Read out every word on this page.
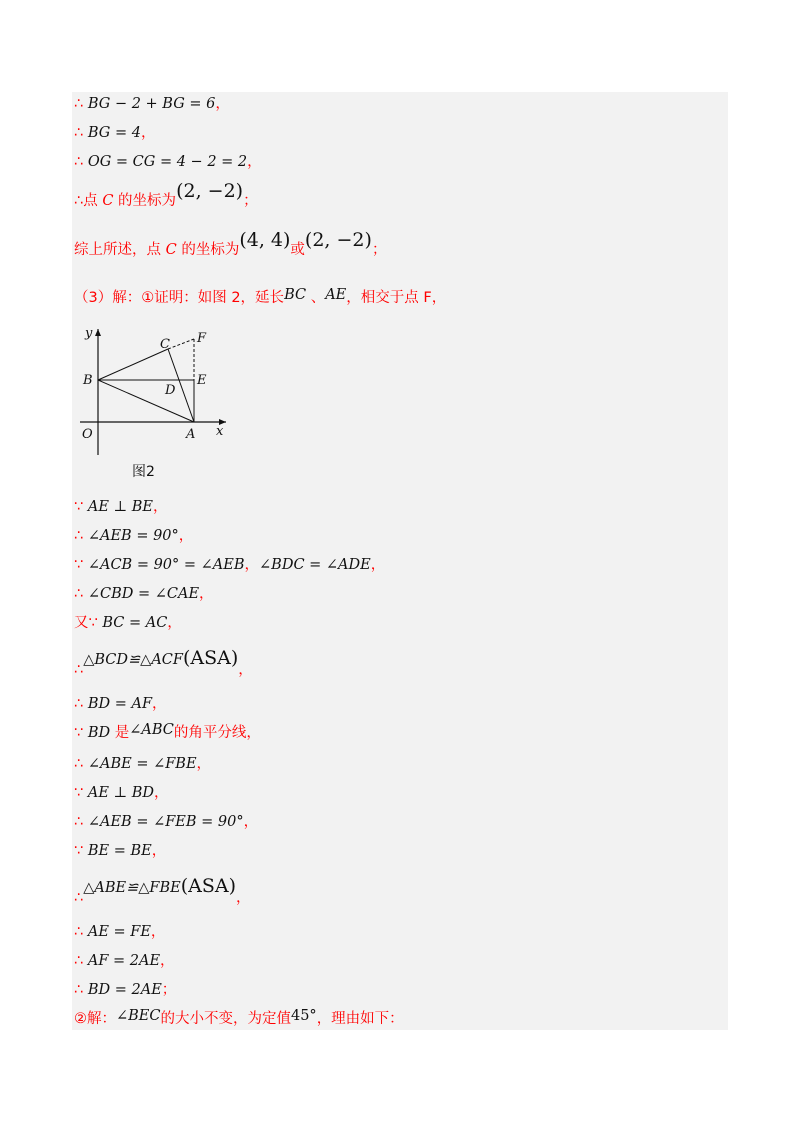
∴ BG − 2 + BG = 6，
∴ BG = 4，
∴ OG = CG = 4 − 2 = 2，
∴点 C 的坐标为(2, −2)；
综上所述，点 C 的坐标为(4, 4)或(2, −2)；
（3）解：①证明：如图 2，延长BC 、AE，相交于点 F，
y
x
O	A
B
C
D
E
F
图2
∵ AE ⊥ BE，
∴ ∠AEB = 90°，
∵ ∠ACB = 90° = ∠AEB，∠BDC = ∠ADE，
∴ ∠CBD = ∠CAE，
又∵ BC = AC，
∴△BCD≌△ACF(ASA)，
∴ BD = AF，
∵ BD 是∠ABC的角平分线，
∴ ∠ABE = ∠FBE，
∵ AE ⊥ BD，
∴ ∠AEB = ∠FEB = 90°，
∵ BE = BE，
∴△ABE≌△FBE(ASA)，
∴ AE = FE，
∴ AF = 2AE，
∴ BD = 2AE；
②解：∠BEC的大小不变，为定值45°，理由如下：
